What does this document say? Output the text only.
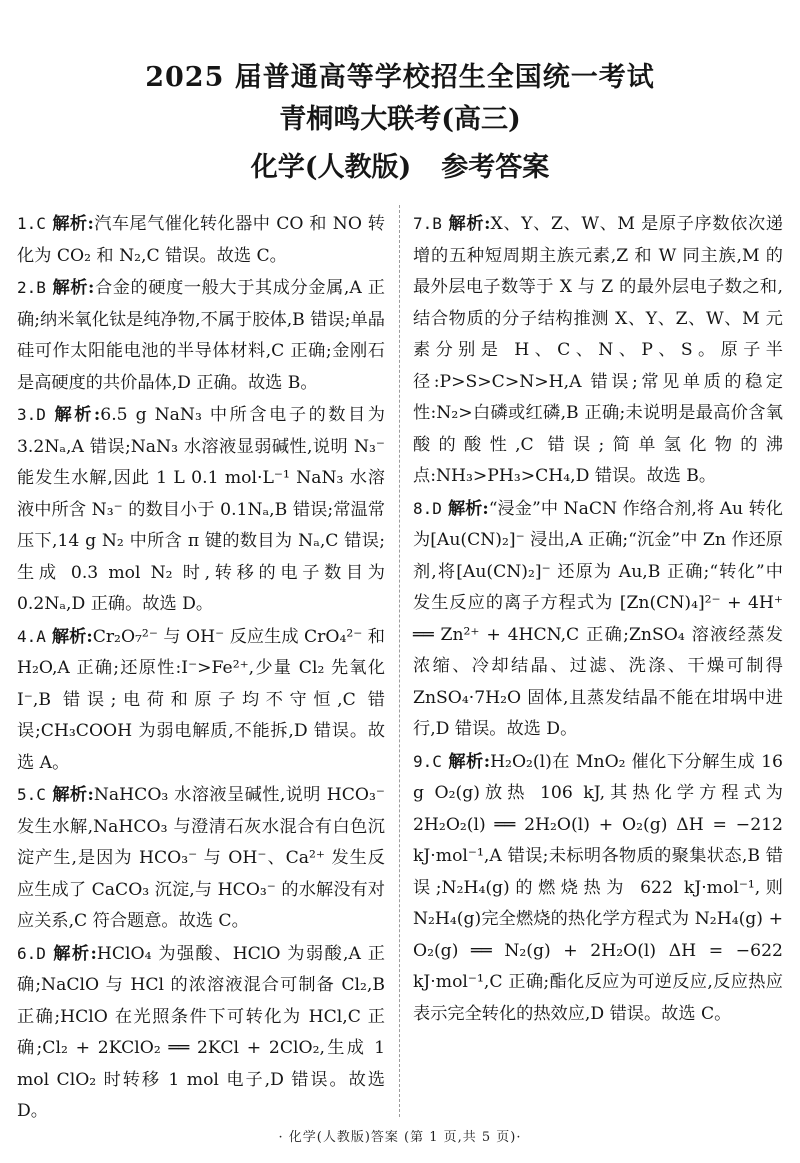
2025 届普通高等学校招生全国统一考试
青桐鸣大联考(高三)
化学(人教版) 参考答案

1.C 解析:汽车尾气催化转化器中 CO 和 NO 转化为 CO₂ 和 N₂,C 错误。故选 C。

2.B 解析:合金的硬度一般大于其成分金属,A 正确;纳米氧化钛是纯净物,不属于胶体,B 错误;单晶硅可作太阳能电池的半导体材料,C 正确;金刚石是高硬度的共价晶体,D 正确。故选 B。

3.D 解析:6.5 g NaN₃ 中所含电子的数目为 3.2Nₐ,A 错误;NaN₃ 水溶液显弱碱性,说明 N₃⁻ 能发生水解,因此 1 L 0.1 mol·L⁻¹ NaN₃ 水溶液中所含 N₃⁻ 的数目小于 0.1Nₐ,B 错误;常温常压下,14 g N₂ 中所含 π 键的数目为 Nₐ,C 错误;生成 0.3 mol N₂ 时,转移的电子数目为 0.2Nₐ,D 正确。故选 D。

4.A 解析:Cr₂O₇²⁻ 与 OH⁻ 反应生成 CrO₄²⁻ 和 H₂O,A 正确;还原性:I⁻>Fe²⁺,少量 Cl₂ 先氧化 I⁻,B 错误;电荷和原子均不守恒,C 错误;CH₃COOH 为弱电解质,不能拆,D 错误。故选 A。

5.C 解析:NaHCO₃ 水溶液呈碱性,说明 HCO₃⁻ 发生水解,NaHCO₃ 与澄清石灰水混合有白色沉淀产生,是因为 HCO₃⁻ 与 OH⁻、Ca²⁺ 发生反应生成了 CaCO₃ 沉淀,与 HCO₃⁻ 的水解没有对应关系,C 符合题意。故选 C。

6.D 解析:HClO₄ 为强酸、HClO 为弱酸,A 正确;NaClO 与 HCl 的浓溶液混合可制备 Cl₂,B 正确;HClO 在光照条件下可转化为 HCl,C 正确;Cl₂ + 2KClO₂ ══ 2KCl + 2ClO₂,生成 1 mol ClO₂ 时转移 1 mol 电子,D 错误。故选 D。

7.B 解析:X、Y、Z、W、M 是原子序数依次递增的五种短周期主族元素,Z 和 W 同主族,M 的最外层电子数等于 X 与 Z 的最外层电子数之和,结合物质的分子结构推测 X、Y、Z、W、M 元素分别是 H、C、N、P、S。原子半径:P>S>C>N>H,A 错误;常见单质的稳定性:N₂>白磷或红磷,B 正确;未说明是最高价含氧酸的酸性,C 错误;简单氢化物的沸点:NH₃>PH₃>CH₄,D 错误。故选 B。

8.D 解析:“浸金”中 NaCN 作络合剂,将 Au 转化为[Au(CN)₂]⁻ 浸出,A 正确;“沉金”中 Zn 作还原剂,将[Au(CN)₂]⁻ 还原为 Au,B 正确;“转化”中发生反应的离子方程式为 [Zn(CN)₄]²⁻ + 4H⁺ ══ Zn²⁺ + 4HCN,C 正确;ZnSO₄ 溶液经蒸发浓缩、冷却结晶、过滤、洗涤、干燥可制得 ZnSO₄·7H₂O 固体,且蒸发结晶不能在坩埚中进行,D 错误。故选 D。

9.C 解析:H₂O₂(l)在 MnO₂ 催化下分解生成 16 g O₂(g)放热 106 kJ,其热化学方程式为 2H₂O₂(l) ══ 2H₂O(l) + O₂(g) ΔH = −212 kJ·mol⁻¹,A 错误;未标明各物质的聚集状态,B 错误;N₂H₄(g)的燃烧热为 622 kJ·mol⁻¹,则 N₂H₄(g)完全燃烧的热化学方程式为 N₂H₄(g) + O₂(g) ══ N₂(g) + 2H₂O(l) ΔH = −622 kJ·mol⁻¹,C 正确;酯化反应为可逆反应,反应热应表示完全转化的热效应,D 错误。故选 C。

· 化学(人教版)答案 (第 1 页,共 5 页)·
